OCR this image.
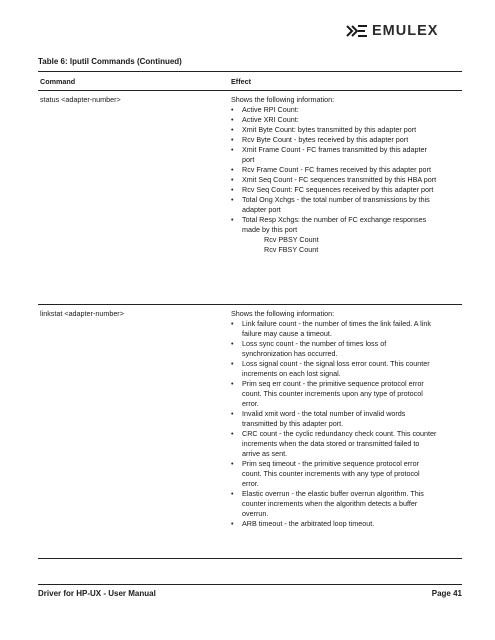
EMULEX
Table 6: lputil Commands (Continued)
Command	Effect
status <adapter-number>	Shows the following information:

• Active RPI Count:
• Active XRI Count:
• Xmit Byte Count: bytes transmitted by this adapter port
• Rcv Byte Count - bytes received by this adapter port
• Xmit Frame Count - FC frames transmitted by this adapter port
• Rcv Frame Count - FC frames received by this adapter port
• Xmit Seq Count - FC sequences transmitted by this HBA port
• Rcv Seq Count: FC sequences received by this adapter port
• Total Ong Xchgs - the total number of transmissions by this adapter port
• Total Resp Xchgs: the number of FC exchange responses made by this port
Rcv PBSY Count
Rcv FBSY Count
linkstat <adapter-number>	Shows the following information:

• Link failure count - the number of times the link failed. A link failure may cause a timeout.
• Loss sync count - the number of times loss of synchronization has occurred.
• Loss signal count - the signal loss error count. This counter increments on each lost signal.
• Prim seq err count - the primitive sequence protocol error count. This counter increments upon any type of protocol error.
• Invalid xmit word - the total number of invalid words transmitted by this adapter port.
• CRC count - the cyclic redundancy check count. This counter increments when the data stored or transmitted failed to arrive as sent.
• Prim seq timeout - the primitive sequence protocol error count. This counter increments with any type of protocol error.
• Elastic overrun - the elastic buffer overrun algorithm. This counter increments when the algorithm detects a buffer overrun.
• ARB timeout - the arbitrated loop timeout.
Driver for HP-UX - User Manual	Page 41
